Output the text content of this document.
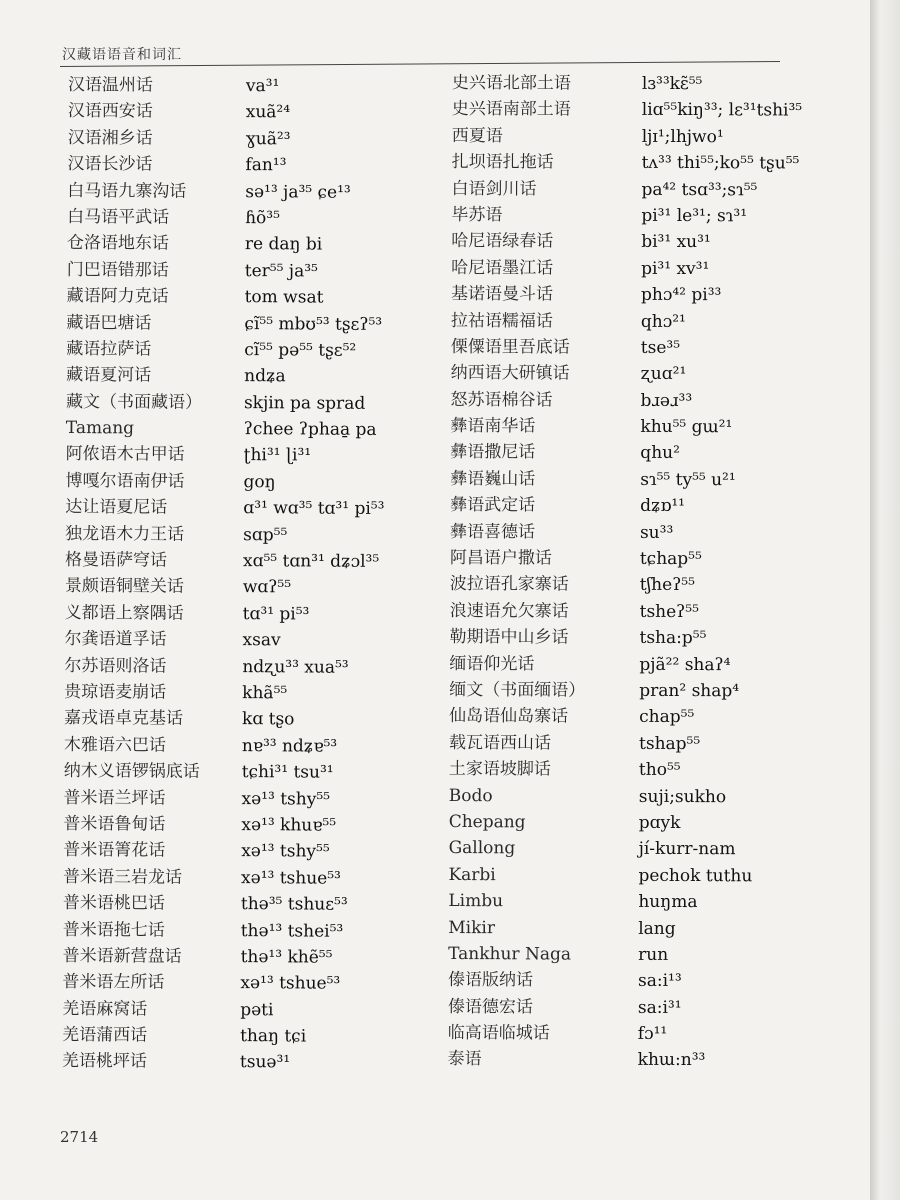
汉藏语语音和词汇
汉语温州话	va³¹
汉语西安话	xuã²⁴
汉语湘乡话	ɣuã²³
汉语长沙话	fan¹³
白马语九寨沟话	sə¹³ ja³⁵ ɕe¹³
白马语平武话	ɦõ³⁵
仓洛语地东话	re daŋ bi
门巴语错那话	ter⁵⁵ ja³⁵
藏语阿力克话	tom wsat
藏语巴塘话	ɕĩ⁵⁵ mbʊ⁵³ tʂɛʔ⁵³
藏语拉萨话	cĩ⁵⁵ pə⁵⁵ tʂɛ⁵²
藏语夏河话	ndʑa
藏文（书面藏语）	skjin pa sprad
Tamang	ʔchee ʔphaa̱ pa
阿侬语木古甲话	ʈhi³¹ ɭi³¹
博嘎尔语南伊话	goŋ
达让语夏尼话	ɑ³¹ wɑ³⁵ tɑ³¹ pi⁵³
独龙语木力王话	sɑp⁵⁵
格曼语萨穹话	xɑ⁵⁵ tɑn³¹ dʑɔl³⁵
景颇语铜壁关话	wɑʔ⁵⁵
义都语上察隅话	tɑ³¹ pi⁵³
尔龚语道孚话	xsav
尔苏语则洛话	ndʐu³³ xua⁵³
贵琼语麦崩话	khã⁵⁵
嘉戎语卓克基话	kɑ tʂo
木雅语六巴话	nɐ³³ ndʑɐ⁵³
纳木义语锣锅底话	tɕhi³¹ tsu³¹
普米语兰坪话	xə¹³ tshy⁵⁵
普米语鲁甸话	xə¹³ khuɐ⁵⁵
普米语箐花话	xə¹³ tshy⁵⁵
普米语三岩龙话	xə¹³ tshue⁵³
普米语桃巴话	thə³⁵ tshuɛ⁵³
普米语拖七话	thə¹³ tshei⁵³
普米语新营盘话	thə¹³ khẽ⁵⁵
普米语左所话	xə¹³ tshue⁵³
羌语麻窝话	pəti
羌语蒲西话	thaŋ tɕi
羌语桃坪话	tsuə³¹
史兴语北部土语	lɜ³³kɛ̃⁵⁵
史兴语南部土语	liɑ⁵⁵kiŋ³³; lɛ³¹tshi³⁵
西夏语	ljɪ¹;lhjwo¹
扎坝语扎拖话	tʌ³³ thi⁵⁵;ko⁵⁵ tʂu⁵⁵
白语剑川话	pa⁴² tsɑ³³;sɿ⁵⁵
毕苏语	pi³¹ le³¹; sɿ³¹
哈尼语绿春话	bi³¹ xu³¹
哈尼语墨江话	pi³¹ xv³¹
基诺语曼斗话	phɔ⁴² pi³³
拉祜语糯福话	qhɔ²¹
傈僳语里吾底话	tse³⁵
纳西语大研镇话	ʐuɑ²¹
怒苏语棉谷话	bɹəɹ³³
彝语南华话	khu⁵⁵ gɯ²¹
彝语撒尼话	qhu²
彝语巍山话	sɿ⁵⁵ ty⁵⁵ u²¹
彝语武定话	dʑɒ¹¹
彝语喜德话	su³³
阿昌语户撒话	tɕhap⁵⁵
波拉语孔家寨话	tʃheʔ⁵⁵
浪速语允欠寨话	tsheʔ⁵⁵
勒期语中山乡话	tsha:p⁵⁵
缅语仰光话	pjã²² shaʔ⁴
缅文（书面缅语）	pran² shap⁴
仙岛语仙岛寨话	chap⁵⁵
载瓦语西山话	tshap⁵⁵
土家语坡脚话	tho⁵⁵
Bodo	suji;sukho
Chepang	pɑyk
Gallong	jí-kurr-nam
Karbi	pechok tuthu
Limbu	huŋma
Mikir	lang
Tankhur Naga	run
傣语版纳话	sa:i¹³
傣语德宏话	sa:i³¹
临高语临城话	fɔ¹¹
泰语	khɯ:n³³
2714
